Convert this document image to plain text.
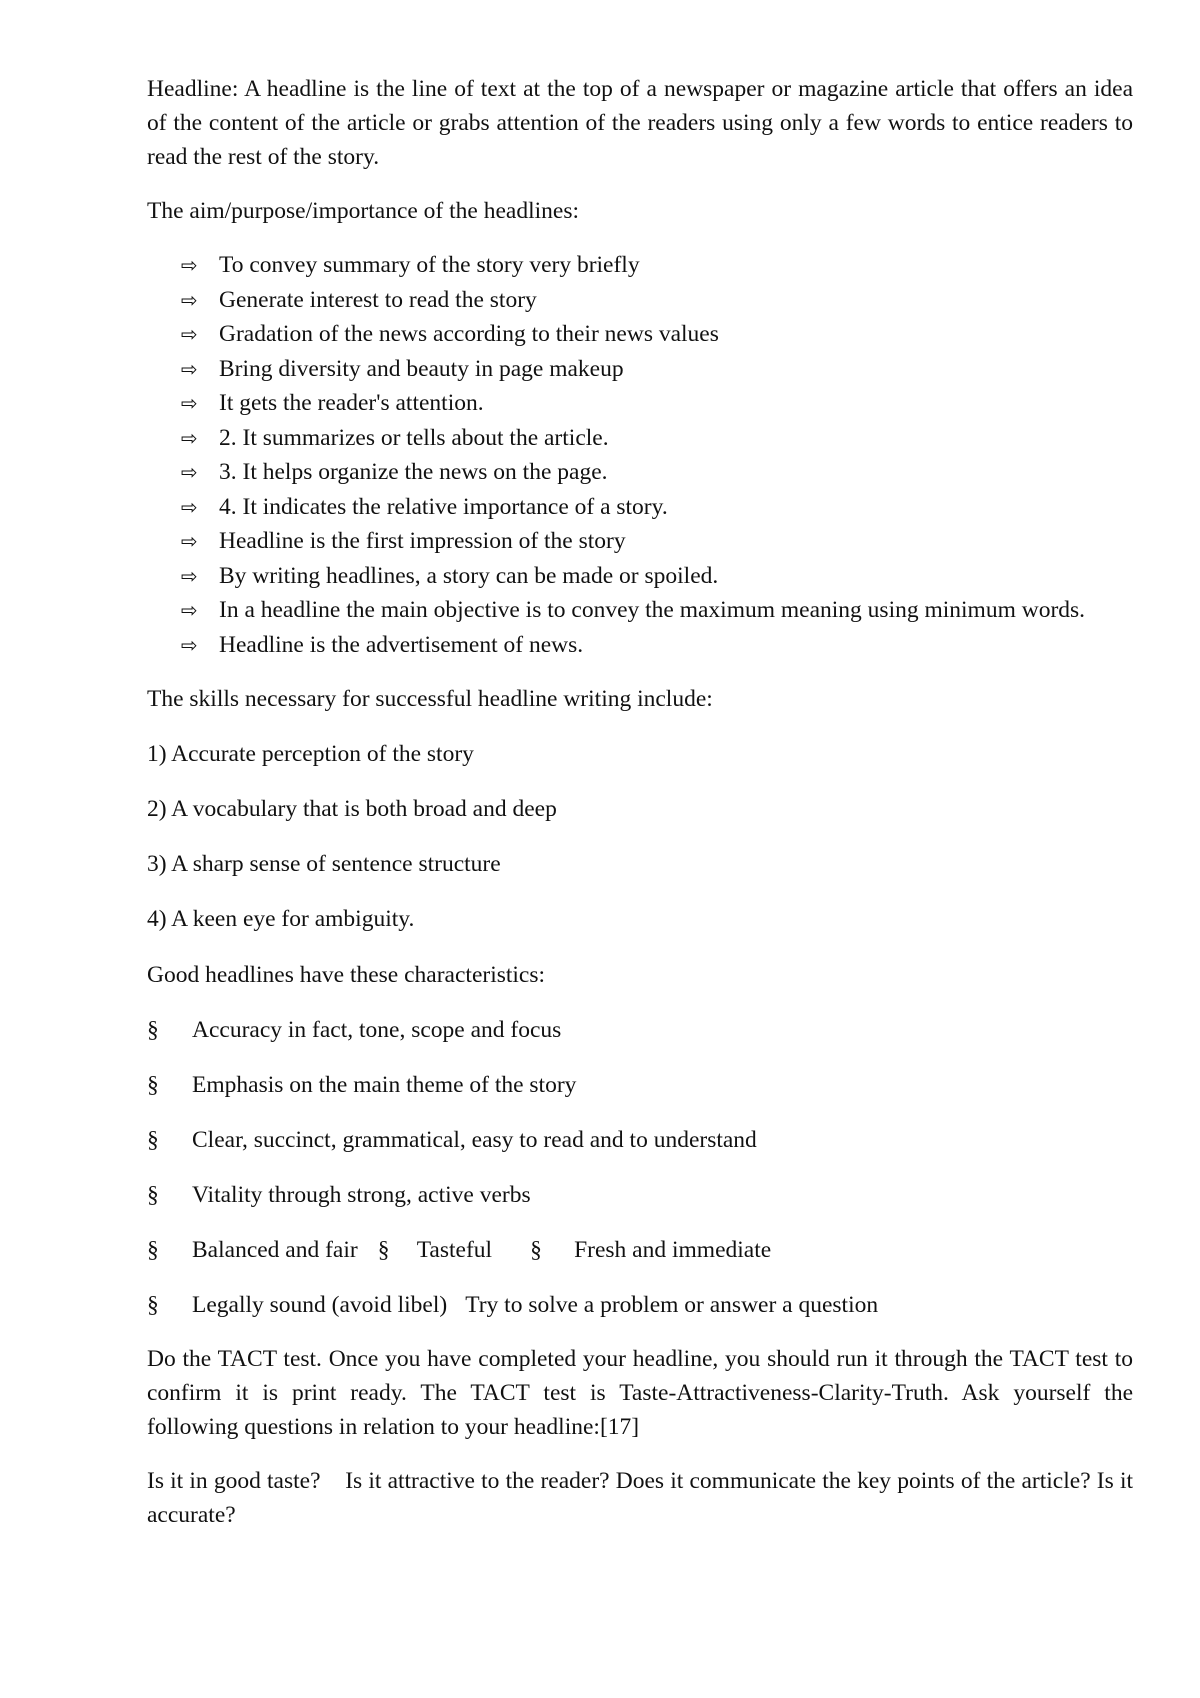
Headline: A headline is the line of text at the top of a newspaper or magazine article that offers an idea of the content of the article or grabs attention of the readers using only a few words to entice readers to read the rest of the story.

The aim/purpose/importance of the headlines:

⇨ To convey summary of the story very briefly
⇨ Generate interest to read the story
⇨ Gradation of the news according to their news values
⇨ Bring diversity and beauty in page makeup
⇨ It gets the reader's attention.
⇨ 2. It summarizes or tells about the article.
⇨ 3. It helps organize the news on the page.
⇨ 4. It indicates the relative importance of a story.
⇨ Headline is the first impression of the story
⇨ By writing headlines, a story can be made or spoiled.
⇨ In a headline the main objective is to convey the maximum meaning using minimum words.
⇨ Headline is the advertisement of news.

The skills necessary for successful headline writing include:

1) Accurate perception of the story

2) A vocabulary that is both broad and deep

3) A sharp sense of sentence structure

4) A keen eye for ambiguity.

Good headlines have these characteristics:

§ Accuracy in fact, tone, scope and focus
§ Emphasis on the main theme of the story
§ Clear, succinct, grammatical, easy to read and to understand
§ Vitality through strong, active verbs
§ Balanced and fair § Tasteful § Fresh and immediate
§ Legally sound (avoid libel) Try to solve a problem or answer a question

Do the TACT test. Once you have completed your headline, you should run it through the TACT test to confirm it is print ready. The TACT test is Taste-Attractiveness-Clarity-Truth. Ask yourself the following questions in relation to your headline:[17]

Is it in good taste?    Is it attractive to the reader? Does it communicate the key points of the article? Is it accurate?
